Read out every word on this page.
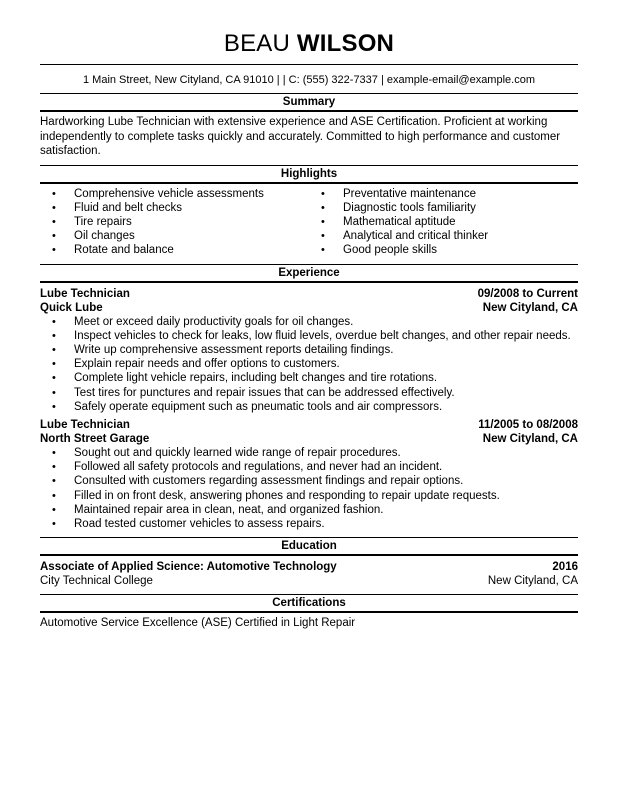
BEAU WILSON
1 Main Street, New Cityland, CA 91010 | | C: (555) 322-7337 | example-email@example.com
Summary
Hardworking Lube Technician with extensive experience and ASE Certification. Proficient at working independently to complete tasks quickly and accurately. Committed to high performance and customer satisfaction.
Highlights
• Comprehensive vehicle assessments
• Fluid and belt checks
• Tire repairs
• Oil changes
• Rotate and balance
• Preventative maintenance
• Diagnostic tools familiarity
• Mathematical aptitude
• Analytical and critical thinker
• Good people skills
Experience
Lube Technician	09/2008 to Current
Quick Lube	New Cityland, CA
• Meet or exceed daily productivity goals for oil changes.
• Inspect vehicles to check for leaks, low fluid levels, overdue belt changes, and other repair needs.
• Write up comprehensive assessment reports detailing findings.
• Explain repair needs and offer options to customers.
• Complete light vehicle repairs, including belt changes and tire rotations.
• Test tires for punctures and repair issues that can be addressed effectively.
• Safely operate equipment such as pneumatic tools and air compressors.
Lube Technician	11/2005 to 08/2008
North Street Garage	New Cityland, CA
• Sought out and quickly learned wide range of repair procedures.
• Followed all safety protocols and regulations, and never had an incident.
• Consulted with customers regarding assessment findings and repair options.
• Filled in on front desk, answering phones and responding to repair update requests.
• Maintained repair area in clean, neat, and organized fashion.
• Road tested customer vehicles to assess repairs.
Education
Associate of Applied Science: Automotive Technology	2016
City Technical College	New Cityland, CA
Certifications
Automotive Service Excellence (ASE) Certified in Light Repair
